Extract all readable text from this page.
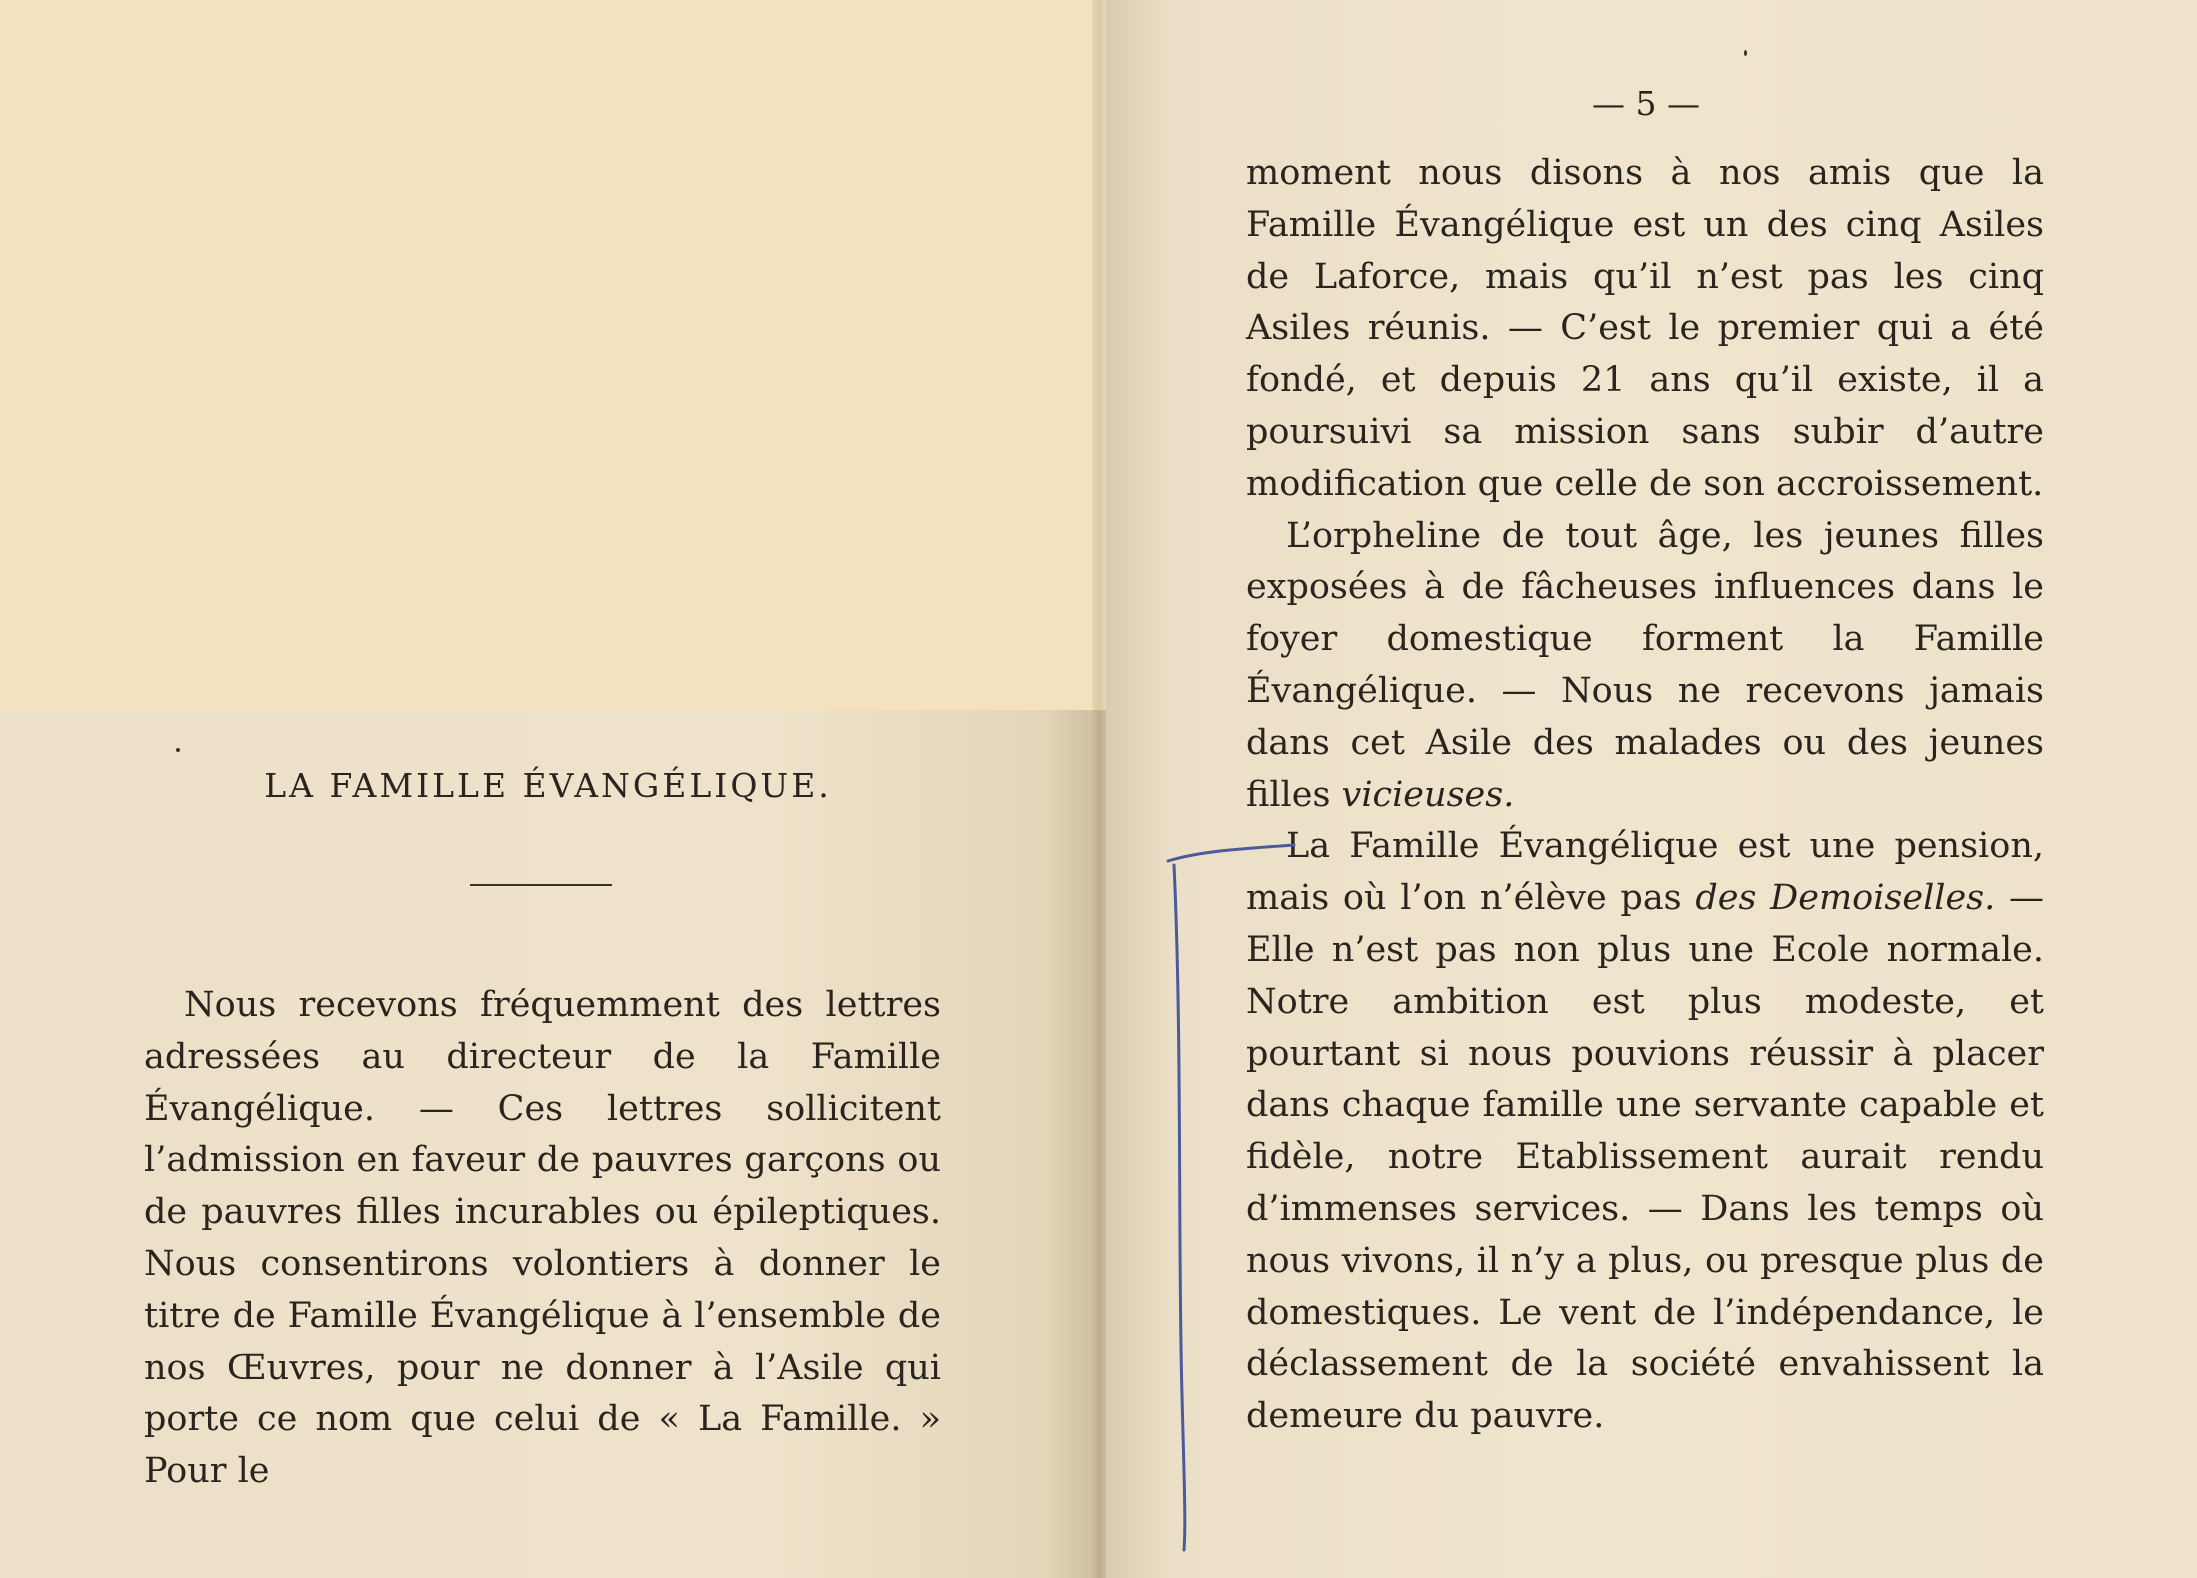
LA FAMILLE ÉVANGÉLIQUE.

Nous recevons fréquemment des lettres adressées au directeur de la Famille Évangélique. — Ces lettres sollicitent l’admission en faveur de pauvres garçons ou de pauvres filles incurables ou épileptiques. Nous consentirons volontiers à donner le titre de Famille Évangélique à l’ensemble de nos Œuvres, pour ne donner à l’Asile qui porte ce nom que celui de « La Famille. » Pour le

— 5 —

moment nous disons à nos amis que la Famille Évangélique est un des cinq Asiles de Laforce, mais qu’il n’est pas les cinq Asiles réunis. — C’est le premier qui a été fondé, et depuis 21 ans qu’il existe, il a poursuivi sa mission sans subir d’autre modification que celle de son accroissement.

L’orpheline de tout âge, les jeunes filles exposées à de fâcheuses influences dans le foyer domestique forment la Famille Évangélique. — Nous ne recevons jamais dans cet Asile des malades ou des jeunes filles vicieuses.

La Famille Évangélique est une pension, mais où l’on n’élève pas des Demoiselles. — Elle n’est pas non plus une Ecole normale. Notre ambition est plus modeste, et pourtant si nous pouvions réussir à placer dans chaque famille une servante capable et fidèle, notre Etablissement aurait rendu d’immenses services. — Dans les temps où nous vivons, il n’y a plus, ou presque plus de domestiques. Le vent de l’indépendance, le déclassement de la société envahissent la demeure du pauvre.
